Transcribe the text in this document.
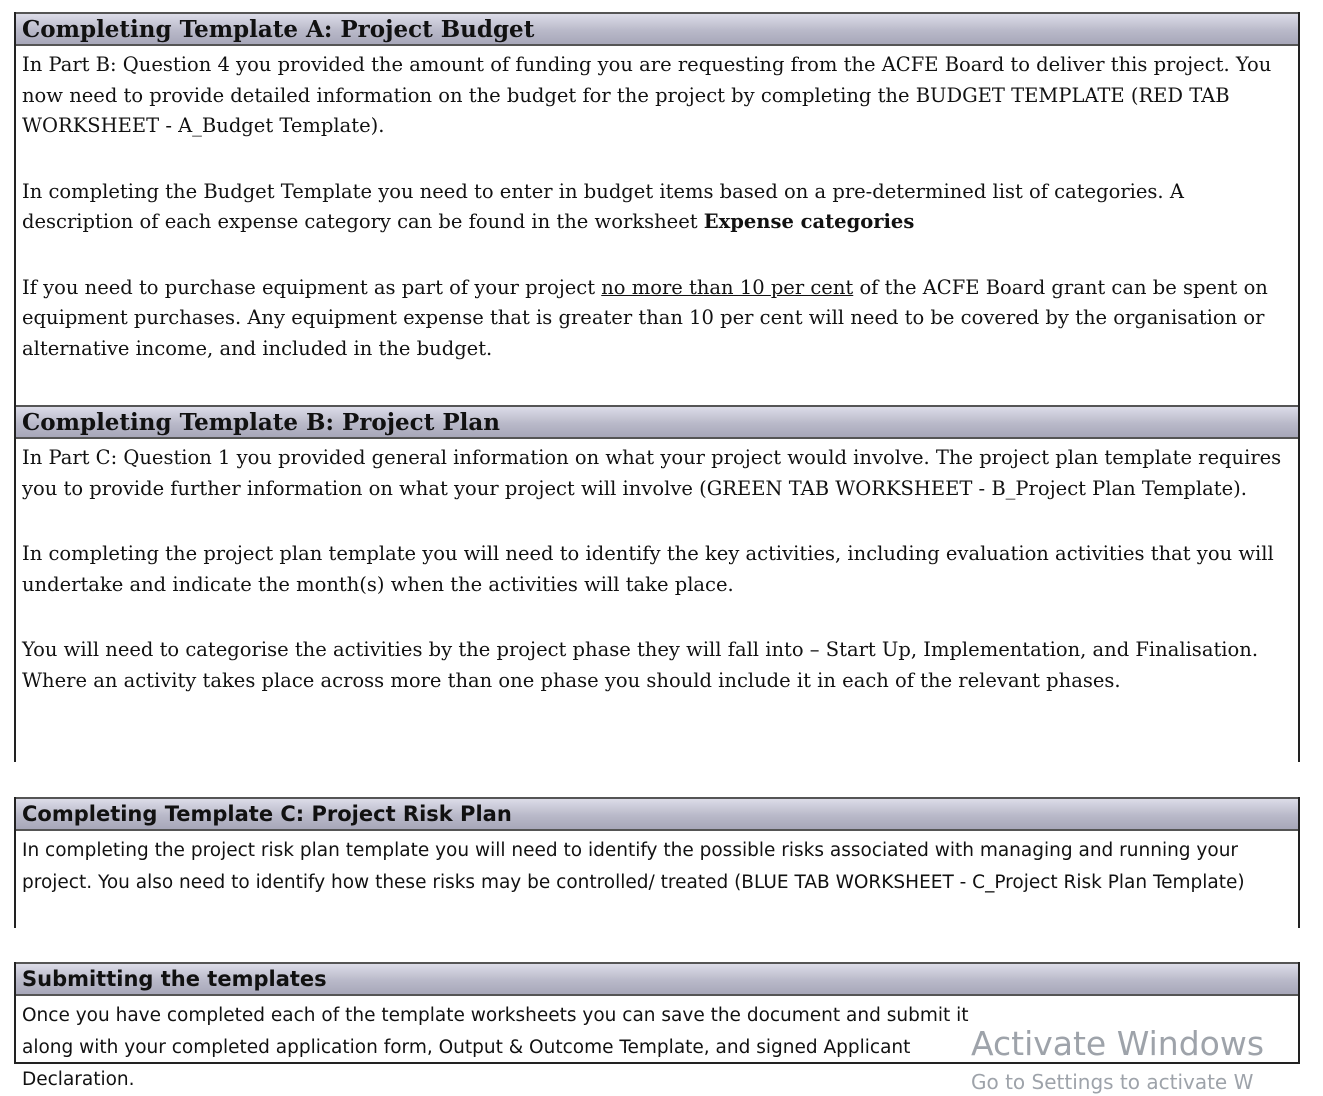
Completing Template A: Project Budget

In Part B: Question 4 you provided the amount of funding you are requesting from the ACFE Board to deliver this project. You now need to provide detailed information on the budget for the project by completing the BUDGET TEMPLATE (RED TAB WORKSHEET - A_Budget Template).

In completing the Budget Template you need to enter in budget items based on a pre-determined list of categories. A description of each expense category can be found in the worksheet Expense categories

If you need to purchase equipment as part of your project no more than 10 per cent of the ACFE Board grant can be spent on equipment purchases. Any equipment expense that is greater than 10 per cent will need to be covered by the organisation or alternative income, and included in the budget.

Completing Template B: Project Plan

In Part C: Question 1 you provided general information on what your project would involve. The project plan template requires you to provide further information on what your project will involve (GREEN TAB WORKSHEET - B_Project Plan Template).

In completing the project plan template you will need to identify the key activities, including evaluation activities that you will undertake and indicate the month(s) when the activities will take place.

You will need to categorise the activities by the project phase they will fall into – Start Up, Implementation, and Finalisation. Where an activity takes place across more than one phase you should include it in each of the relevant phases.

Completing Template C: Project Risk Plan

In completing the project risk plan template you will need to identify the possible risks associated with managing and running your project. You also need to identify how these risks may be controlled/ treated (BLUE TAB WORKSHEET - C_Project Risk Plan Template)

Submitting the templates

Once you have completed each of the template worksheets you can save the document and submit it along with your completed application form, Output & Outcome Template, and signed Applicant Declaration.

Activate Windows
Go to Settings to activate W
